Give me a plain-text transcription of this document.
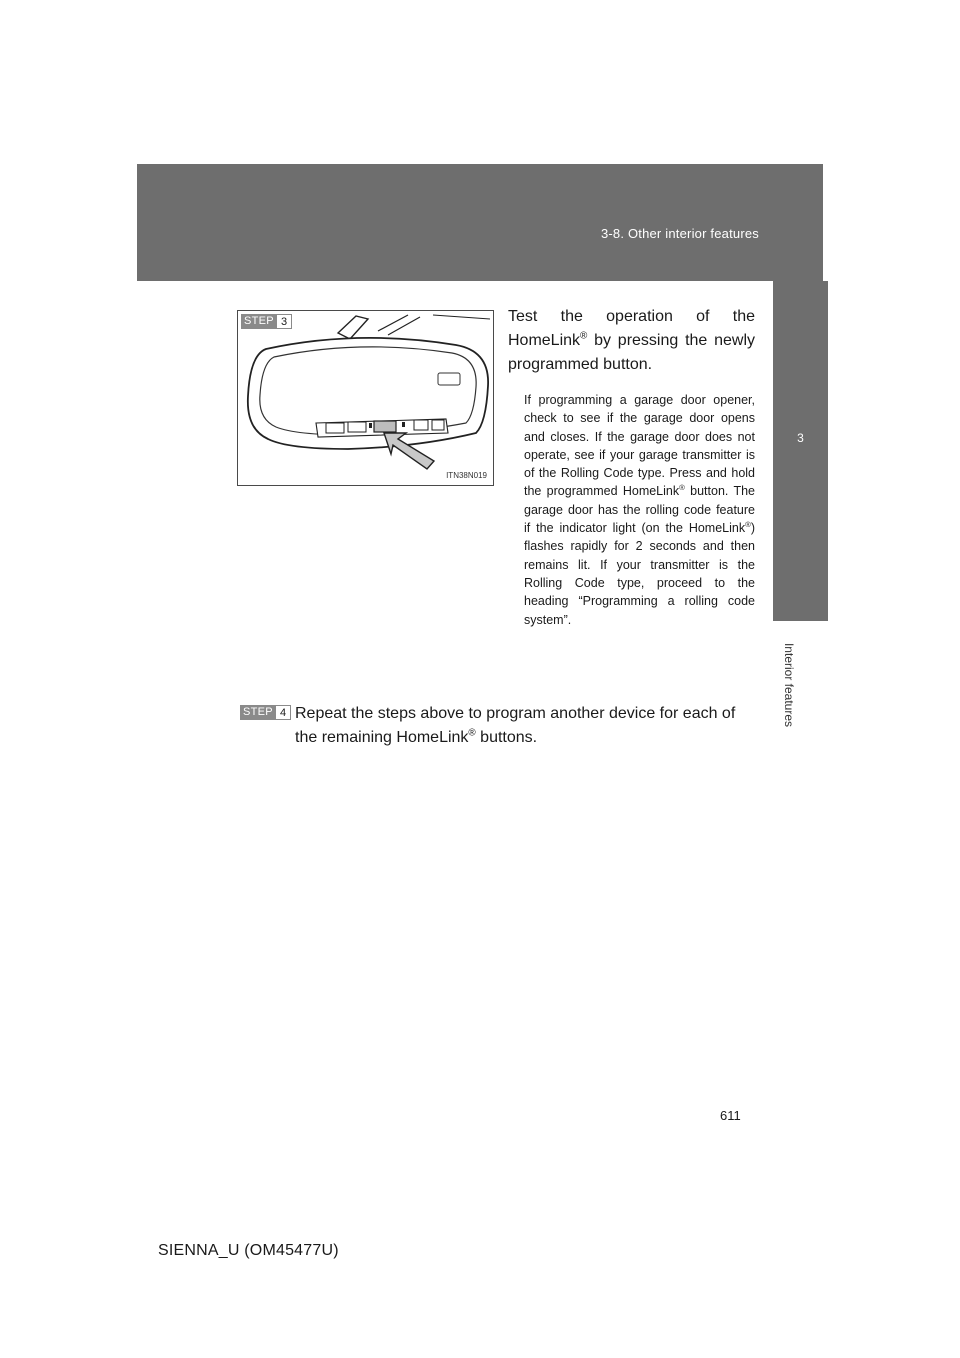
3-8. Other interior features
3
Interior features
STEP 3
ITN38N019
Test the operation of the HomeLink® by pressing the newly programmed button.
If programming a garage door opener, check to see if the garage door opens and closes. If the garage door does not operate, see if your garage transmitter is of the Rolling Code type. Press and hold the programmed HomeLink® button. The garage door has the rolling code feature if the indicator light (on the HomeLink®) flashes rapidly for 2 seconds and then remains lit. If your transmitter is the Rolling Code type, proceed to the heading “Programming a rolling code system”.
STEP 4 Repeat the steps above to program another device for each of the remaining HomeLink® buttons.
611
SIENNA_U (OM45477U)
